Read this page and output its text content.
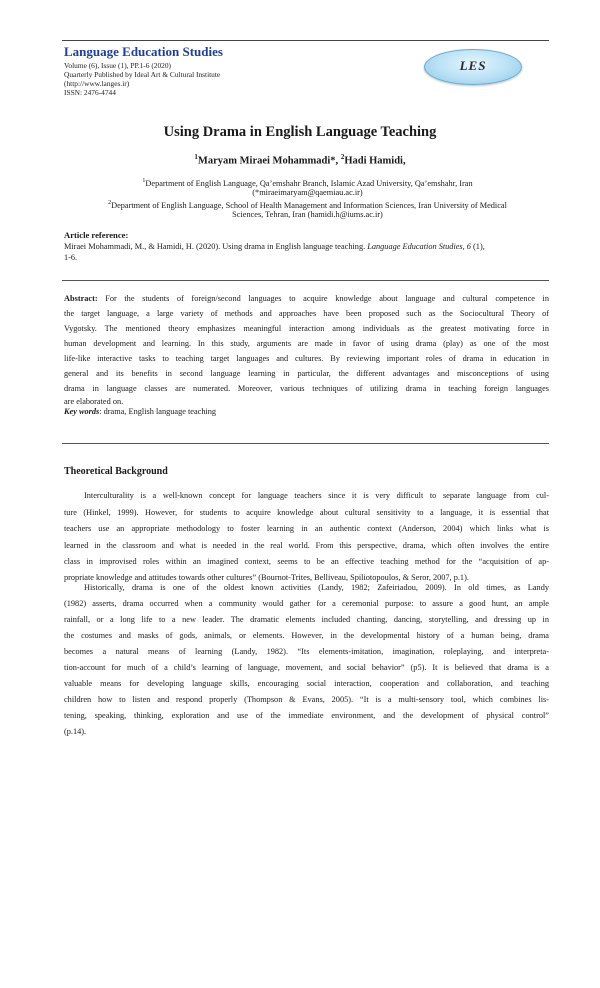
Language Education Studies
Volume (6), Issue (1), PP.1-6 (2020)
Quarterly Published by Ideal Art & Cultural Institute
(http://www.langes.ir)
ISSN: 2476-4744
LES
Using Drama in English Language Teaching
$^1$Maryam Miraei Mohammadi*, $^2$Hadi Hamidi,
$^1$Department of English Language, Qa’emshahr Branch, Islamic Azad University, Qa’emshahr, Iran
(*miraeimaryam@qaemiau.ac.ir)
$^2$Department of English Language, School of Health Management and Information Sciences, Iran University of Medical
Sciences, Tehran, Iran (hamidi.h@iums.ac.ir)
Article reference:
Miraei Mohammadi, M., & Hamidi, H. (2020). Using drama in English language teaching. Language Education Studies, 6 (1),
1-6.
Abstract: For the students of foreign/second languages to acquire knowledge about language and cultural competence in
the target language, a large variety of methods and approaches have been proposed such as the Sociocultural Theory of
Vygotsky. The mentioned theory emphasizes meaningful interaction among individuals as the greatest motivating force in
human development and learning. In this study, arguments are made in favor of using drama (play) as one of the most
life-like interactive tasks to teaching target languages and cultures. By reviewing important roles of drama in education in
general and its benefits in second language learning in particular, the different advantages and misconceptions of using
drama in language classes are numerated. Moreover, various techniques of utilizing drama in teaching foreign languages
are elaborated on.
Key words: drama, English language teaching
Theoretical Background
Interculturality is a well-known concept for language teachers since it is very difficult to separate language from cul-
ture (Hinkel, 1999). However, for students to acquire knowledge about cultural sensitivity to a language, it is essential that
teachers use an appropriate methodology to foster learning in an authentic context (Anderson, 2004) which links what is
learned in the classroom and what is needed in the real world. From this perspective, drama, which often involves the entire
class in improvised roles within an imagined context, seems to be an effective teaching method for the “acquisition of ap-
propriate knowledge and attitudes towards other cultures” (Bournot-Trites, Belliveau, Spiliotopoulos, & Seror, 2007, p.1).
Historically, drama is one of the oldest known activities (Landy, 1982; Zafeiriadou, 2009). In old times, as Landy
(1982) asserts, drama occurred when a community would gather for a ceremonial purpose: to assure a good hunt, an ample
rainfall, or a long life to a new leader. The dramatic elements included chanting, dancing, storytelling, and dressing up in
the costumes and masks of gods, animals, or elements. However, in the developmental history of a human being, drama
becomes a natural means of learning (Landy, 1982). “Its elements-imitation, imagination, roleplaying, and interpreta-
tion-account for much of a child’s learning of language, movement, and social behavior” (p5). It is believed that drama is a
valuable means for developing language skills, encouraging social interaction, cooperation and collaboration, and teaching
children how to listen and respond properly (Thompson & Evans, 2005). “It is a multi-sensory tool, which combines lis-
tening, speaking, thinking, exploration and use of the immediate environment, and the development of physical control”
(p.14).
